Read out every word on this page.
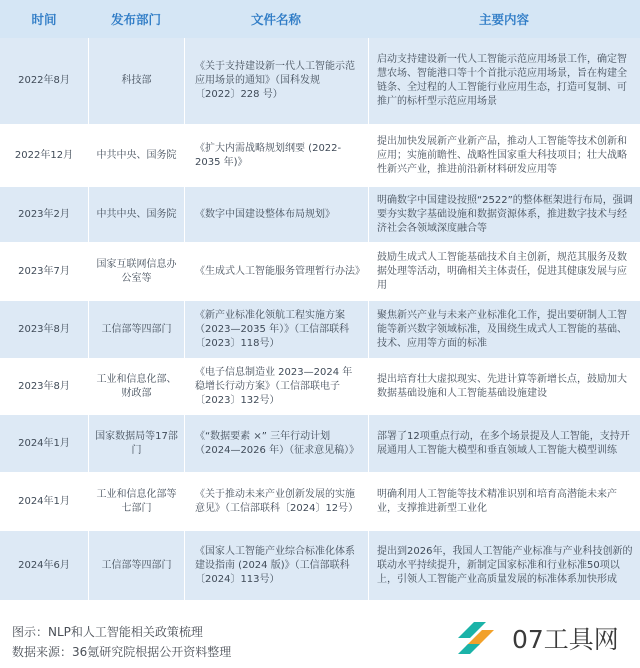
时间	发布部门	文件名称	主要内容
2022年8月	科技部	《关于支持建设新一代人工智能示范应用场景的通知》（国科发规〔2022〕228 号）	启动支持建设新一代人工智能示范应用场景工作，确定智慧农场、智能港口等十个首批示范应用场景，旨在构建全链条、全过程的人工智能行业应用生态，打造可复制、可推广的标杆型示范应用场景
2022年12月	中共中央、国务院	《扩大内需战略规划纲要 (2022-2035 年)》	提出加快发展新产业新产品，推动人工智能等技术创新和应用；实施前瞻性、战略性国家重大科技项目；壮大战略性新兴产业，推进前沿新材料研发应用等
2023年2月	中共中央、国务院	《数字中国建设整体布局规划》	明确数字中国建设按照“2522”的整体框架进行布局，强调要夯实数字基础设施和数据资源体系，推进数字技术与经济社会各领域深度融合等
2023年7月	国家互联网信息办公室等	《生成式人工智能服务管理暂行办法》	鼓励生成式人工智能基础技术自主创新，规范其服务及数据处理等活动，明确相关主体责任，促进其健康发展与应用
2023年8月	工信部等四部门	《新产业标准化领航工程实施方案（2023—2035 年）》（工信部联科〔2023〕118号）	聚焦新兴产业与未来产业标准化工作，提出要研制人工智能等新兴数字领域标准，及围绕生成式人工智能的基础、技术、应用等方面的标准
2023年8月	工业和信息化部、财政部	《电子信息制造业 2023—2024 年稳增长行动方案》（工信部联电子〔2023〕132号）	提出培育壮大虚拟现实、先进计算等新增长点，鼓励加大数据基础设施和人工智能基础设施建设
2024年1月	国家数据局等17部门	《“数据要素 ×” 三年行动计划（2024—2026 年）（征求意见稿）》	部署了12项重点行动，在多个场景提及人工智能，支持开展通用人工智能大模型和垂直领域人工智能大模型训练
2024年1月	工业和信息化部等七部门	《关于推动未来产业创新发展的实施意见》（工信部联科〔2024〕12号）	明确利用人工智能等技术精准识别和培育高潜能未来产业，支撑推进新型工业化
2024年6月	工信部等四部门	《国家人工智能产业综合标准化体系建设指南 (2024 版)》（工信部联科〔2024〕113号）	提出到2026年，我国人工智能产业标准与产业科技创新的联动水平持续提升，新制定国家标准和行业标准50项以上，引领人工智能产业高质量发展的标准体系加快形成
图示：NLP和人工智能相关政策梳理
数据来源：36氪研究院根据公开资料整理	07工具网
